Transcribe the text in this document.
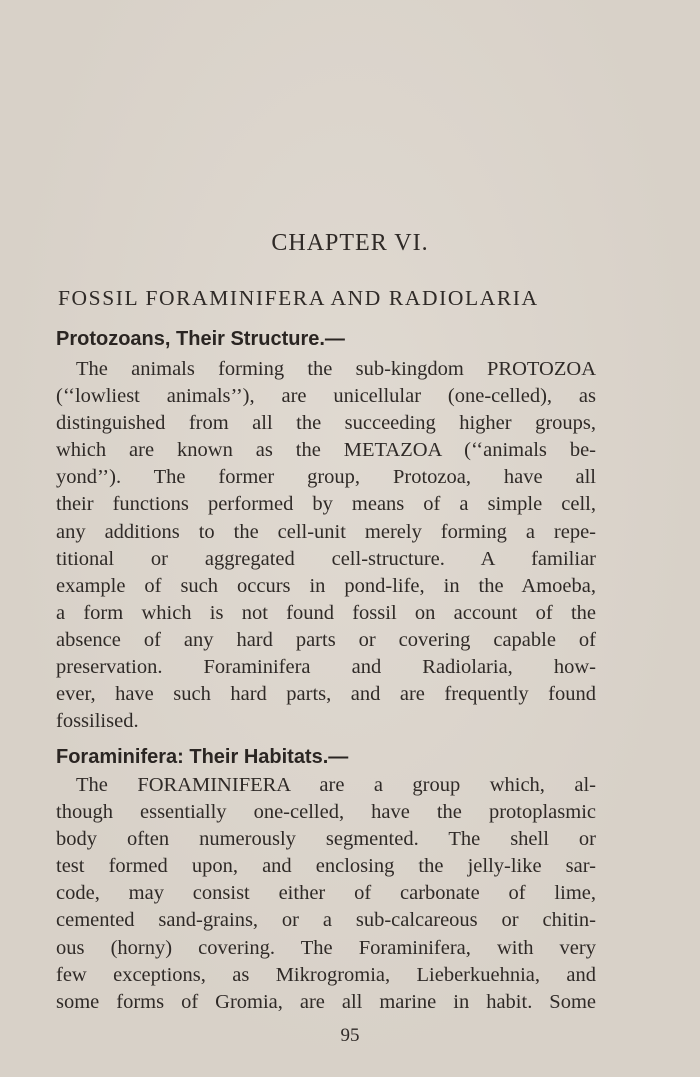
CHAPTER VI.
FOSSIL FORAMINIFERA AND RADIOLARIA
Protozoans, Their Structure.—
The animals forming the sub-kingdom PROTOZOA
(‘‘lowliest animals’’), are unicellular (one-celled), as
distinguished from all the succeeding higher groups,
which are known as the METAZOA (‘‘animals be-
yond’’). The former group, Protozoa, have all
their functions performed by means of a simple cell,
any additions to the cell-unit merely forming a repe-
titional or aggregated cell-structure. A familiar
example of such occurs in pond-life, in the Amoeba,
a form which is not found fossil on account of the
absence of any hard parts or covering capable of
preservation. Foraminifera and Radiolaria, how-
ever, have such hard parts, and are frequently found
fossilised.
Foraminifera: Their Habitats.—
The FORAMINIFERA are a group which, al-
though essentially one-celled, have the protoplasmic
body often numerously segmented. The shell or
test formed upon, and enclosing the jelly-like sar-
code, may consist either of carbonate of lime,
cemented sand-grains, or a sub-calcareous or chitin-
ous (horny) covering. The Foraminifera, with very
few exceptions, as Mikrogromia, Lieberkuehnia, and
some forms of Gromia, are all marine in habit. Some
95
